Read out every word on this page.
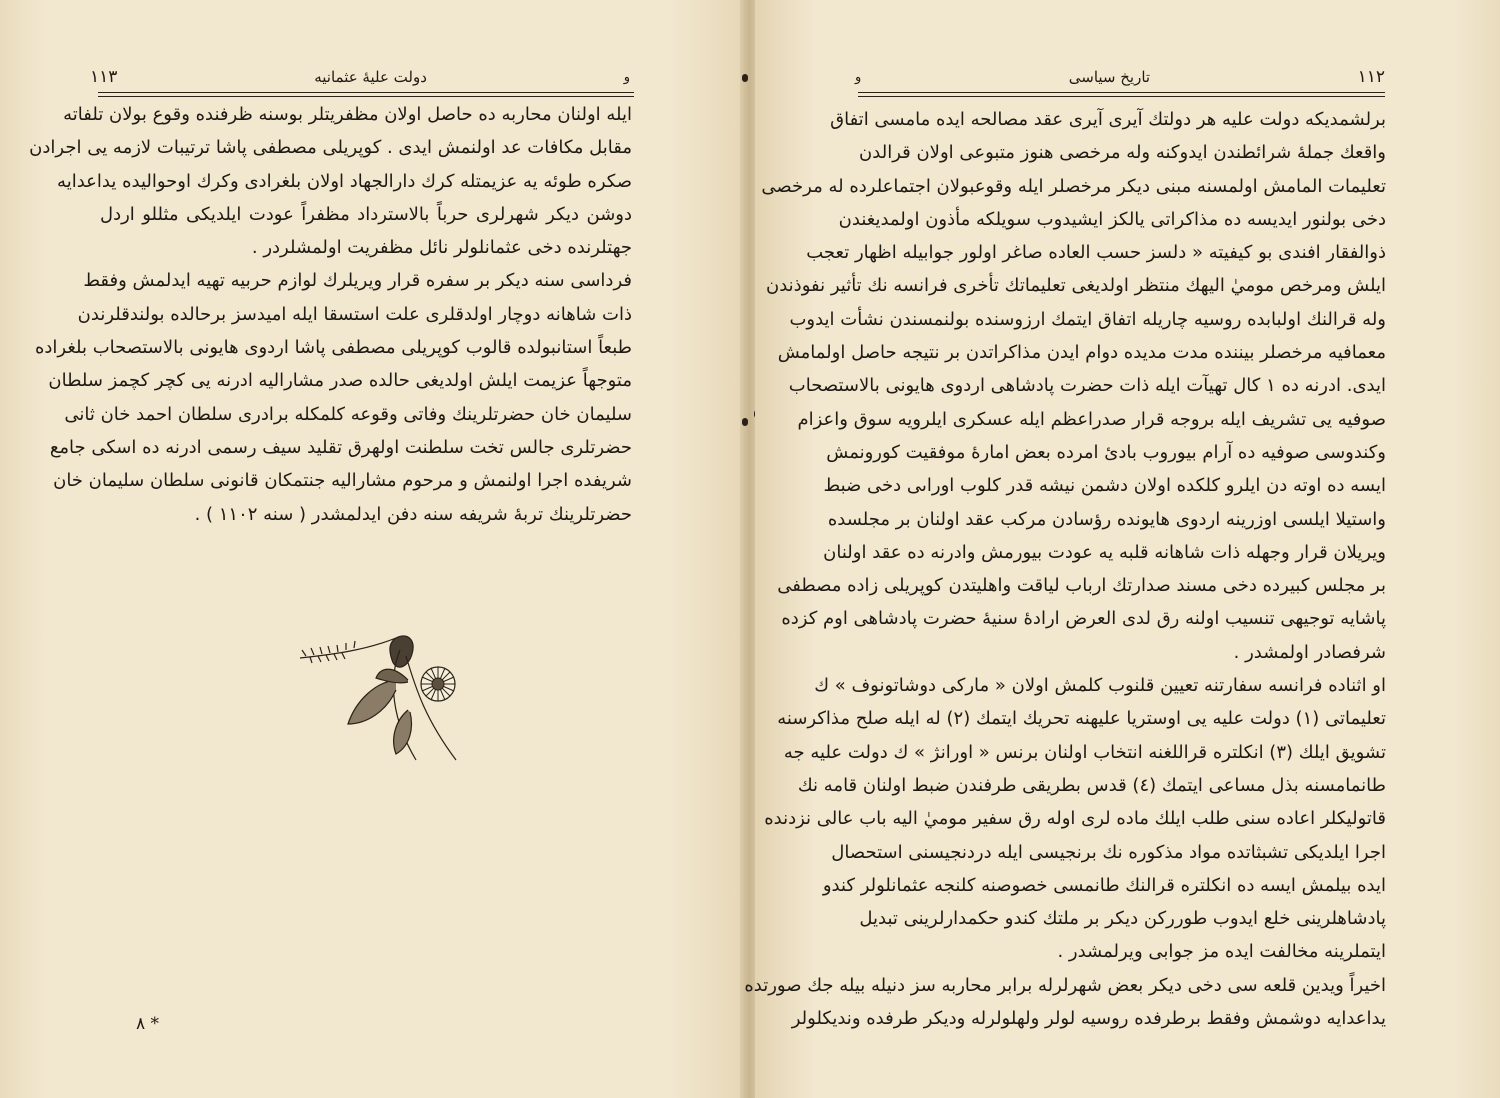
١١٣	دولت عليهٔ عثمانيه	ﻭ
ايله اولنان محاربه ده حاصل اولان مظفريتلر بوسنه ظرفنده وقوع بولان تلفاته
مقابل مكافات عد اولنمش ايدى . كوپريلى مصطفى پاشا ترتيبات لازمه يى اجرادن
صكره طوئه يه عزيمتله كرك دارالجهاد اولان بلغرادى وكرك اوحواليده يداعدايه
دوشن ديكر شهرلرى حرباً بالاسترداد مظفراً عودت ايلديكى مثللو اردل
جهتلرنده دخى عثمانلولر نائل مظفريت اولمشلردر .
فرداسى سنه ديكر بر سفره قرار ويريلرك لوازم حربيه تهيه ايدلمش وفقط
ذات شاهانه دوچار اولدقلرى علت استسقا ايله اميدسز برحالده بولندقلرندن
طبعاً استانبولده قالوب كوپريلى مصطفى پاشا اردوى هايونى بالاستصحاب بلغراده
متوجهاً عزيمت ايلش اولديغى حالده صدر مشاراليه ادرنه يى كچر كچمز سلطان
سليمان خان حضرتلرينك وفاتى وقوعه كلمكله برادرى سلطان احمد خان ثانى
حضرتلرى جالس تخت سلطنت اولهرق تقليد سيف رسمى ادرنه ده اسكى جامع
شريفده اجرا اولنمش و مرحوم مشاراليه جنتمكان قانونى سلطان سليمان خان
حضرتلرينك تربهٔ شريفه سنه دفن ايدلمشدر ( سنه ١١٠٢ ) .
٨ *
ﻭ	تاريخ سياسى	١١٢
برلشمديكه دولت عليه هر دولتك آيرى آيرى عقد مصالحه ايده مامسى اتفاق
واقعك جملهٔ شرائطندن ايدوكنه وله مرخصى هنوز متبوعى اولان قرالدن
تعليمات المامش اولمسنه مبنى ديكر مرخصلر ايله وقوعبولان اجتماعلرده له مرخصى
دخى بولنور ايديسه ده مذاكراتى يالكز ايشيدوب سويلكه مأذون اولمديغندن
ذوالفقار افندى بو كيفيته « دلسز حسب العاده صاغر اولور جوابيله اظهار تعجب
ايلش ومرخص موميٰ اليهك منتظر اولديغى تعليماتك تأخرى فرانسه نك تأثير نفوذندن
وله قرالنك اولبابده روسيه چاريله اتفاق ايتمك ارزوسنده بولنمسندن نشأت ايدوب
معمافيه مرخصلر بيننده مدت مديده دوام ايدن مذاكراتدن بر نتيجه حاصل اولمامش
ايدى. ادرنه ده ١ كال تهيآت ايله ذات حضرت پادشاهى اردوى هايونى بالاستصحاب
صوفيه يى تشريف ايله بروجه قرار صدراعظم ايله عسكرى ايلرويه سوق واعزام
وكندوسى صوفيه ده آرام بيوروب بادئ امرده بعض امارهٔ موفقيت كورونمش
ايسه ده اوته دن ايلرو كلكده اولان دشمن نيشه قدر كلوب اوراىى دخى ضبط
واستيلا ايلسى اوزرينه اردوى هايونده رؤسادن مركب عقد اولنان بر مجلسده
ويريلان قرار وجهله ذات شاهانه قلبه يه عودت بيورمش وادرنه ده عقد اولنان
بر مجلس كبيرده دخى مسند صدارتك ارباب لياقت واهليتدن كوپريلى زاده مصطفى
پاشايه توجيهى تنسيب اولنه رق لدى العرض ارادهٔ سنيهٔ حضرت پادشاهى اوم كزده
شرفصادر اولمشدر .
او اثناده فرانسه سفارتنه تعيين قلنوب كلمش اولان « ماركى دوشاتونوف » ك
تعليماتى (١) دولت عليه يى اوستريا عليهنه تحريك ايتمك (٢) له ايله صلح مذاكرسنه
تشويق ايلك (٣) انكلتره قراللغنه انتخاب اولنان برنس « اورانژ » ك دولت عليه جه
طانمامسنه بذل مساعى ايتمك (٤) قدس بطريقى طرفندن ضبط اولنان قامه نك
قاتوليكلر اعاده سنى طلب ايلك ماده لرى اوله رق سفير موميٰ اليه باب عالى نزدنده
اجرا ايلديكى تشبثاتده مواد مذكوره نك برنجيسى ايله دردنجيسنى استحصال
ايده بيلمش ايسه ده انكلتره قرالنك طانمسى خصوصنه كلنجه عثمانلولر كندو
پادشاهلرينى خلع ايدوب طورركن ديكر بر ملتك كندو حكمدارلرينى تبديل
ايتملرينه مخالفت ايده مز جوابى ويرلمشدر .
اخيراً ويدين قلعه سى دخى ديكر بعض شهرلرله برابر محاربه سز دنيله بيله جك صورتده
يداعدايه دوشمش وفقط برطرفده روسيه لولر ولهلولرله وديكر طرفده ونديكلولر
